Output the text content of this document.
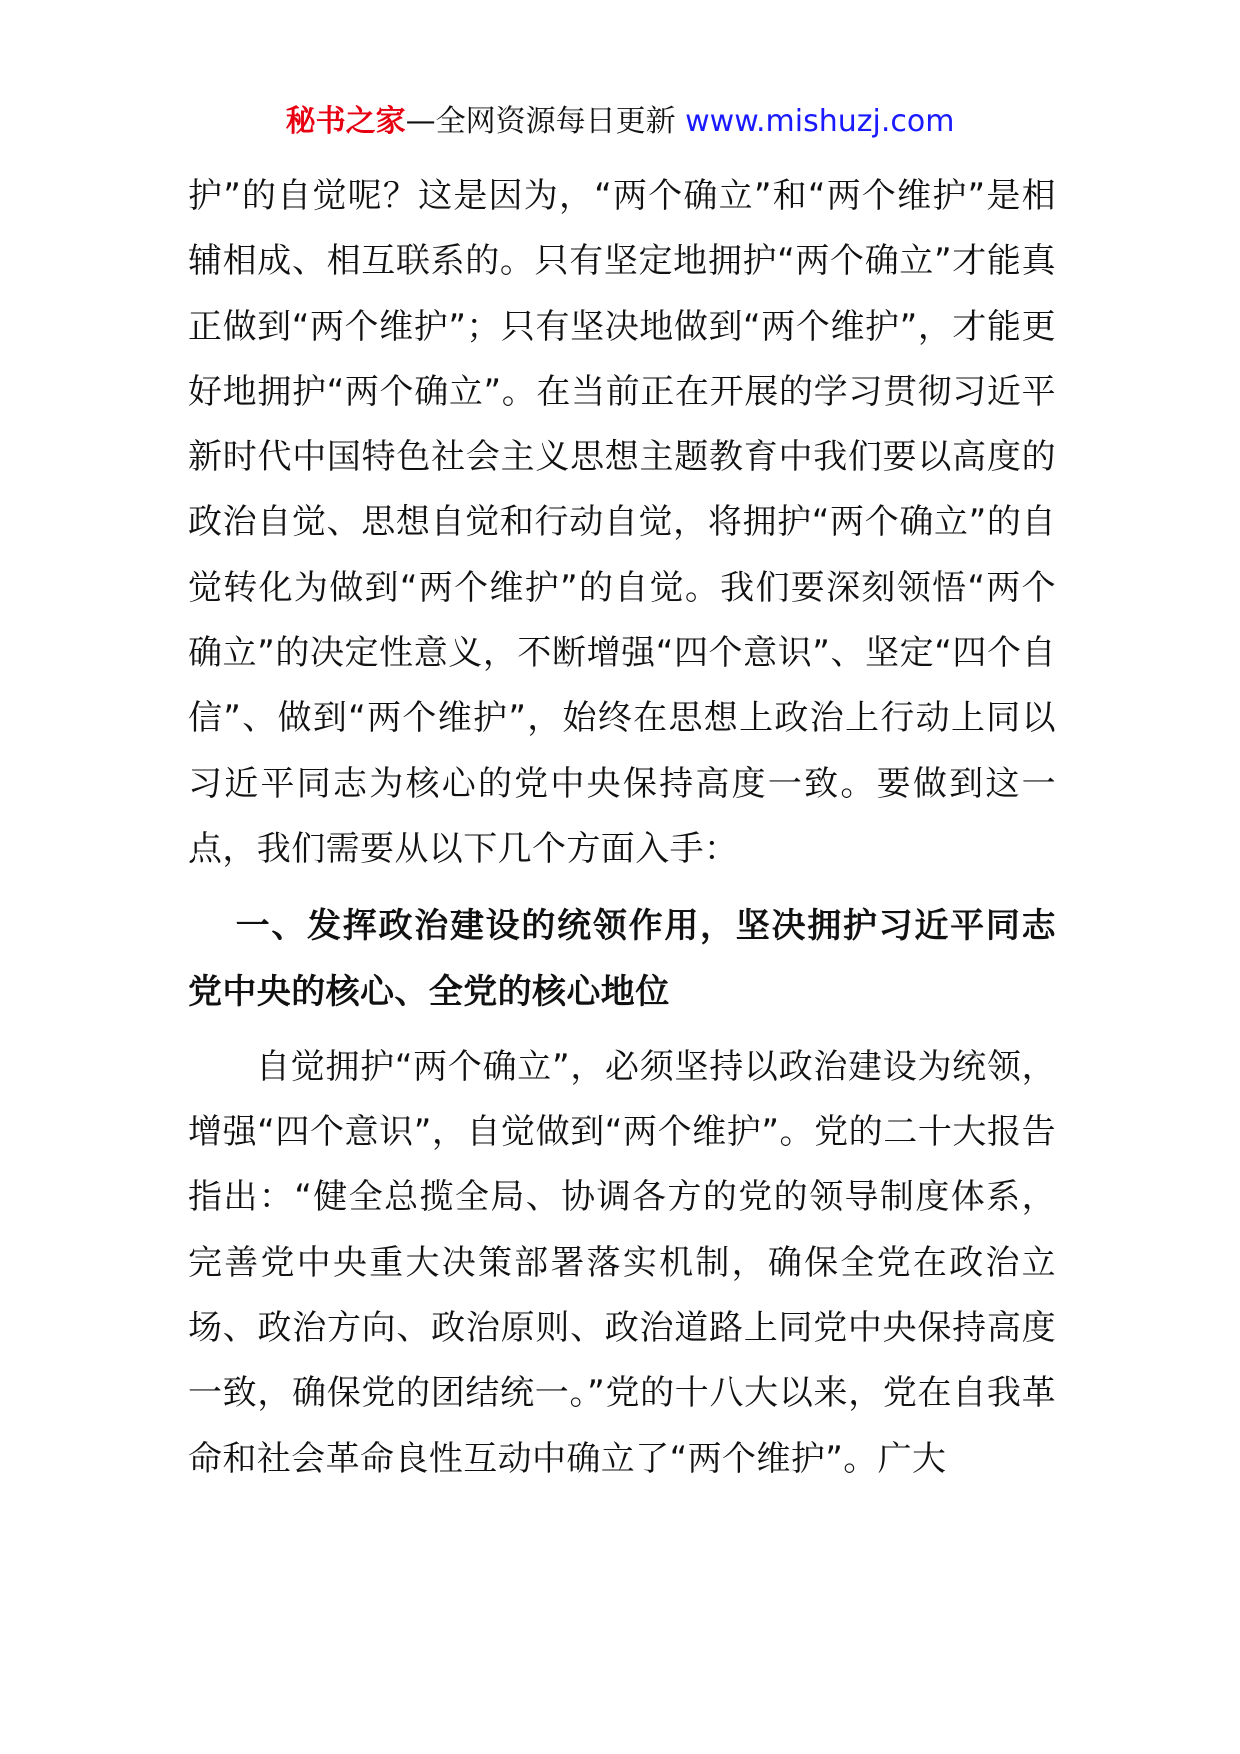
秘书之家—全网资源每日更新 www.mishuzj.com

护”的自觉呢？这是因为，“两个确立”和“两个维护”是相辅相成、相互联系的。只有坚定地拥护“两个确立”才能真正做到“两个维护”；只有坚决地做到“两个维护”，才能更好地拥护“两个确立”。在当前正在开展的学习贯彻习近平新时代中国特色社会主义思想主题教育中我们要以高度的政治自觉、思想自觉和行动自觉，将拥护“两个确立”的自觉转化为做到“两个维护”的自觉。我们要深刻领悟“两个确立”的决定性意义，不断增强“四个意识”、坚定“四个自信”、做到“两个维护”，始终在思想上政治上行动上同以习近平同志为核心的党中央保持高度一致。要做到这一点，我们需要从以下几个方面入手：

一、发挥政治建设的统领作用，坚决拥护习近平同志党中央的核心、全党的核心地位

自觉拥护“两个确立”，必须坚持以政治建设为统领，增强“四个意识”，自觉做到“两个维护”。党的二十大报告指出：“健全总揽全局、协调各方的党的领导制度体系，完善党中央重大决策部署落实机制，确保全党在政治立场、政治方向、政治原则、政治道路上同党中央保持高度一致，确保党的团结统一。”党的十八大以来，党在自我革命和社会革命良性互动中确立了“两个维护”。广大
